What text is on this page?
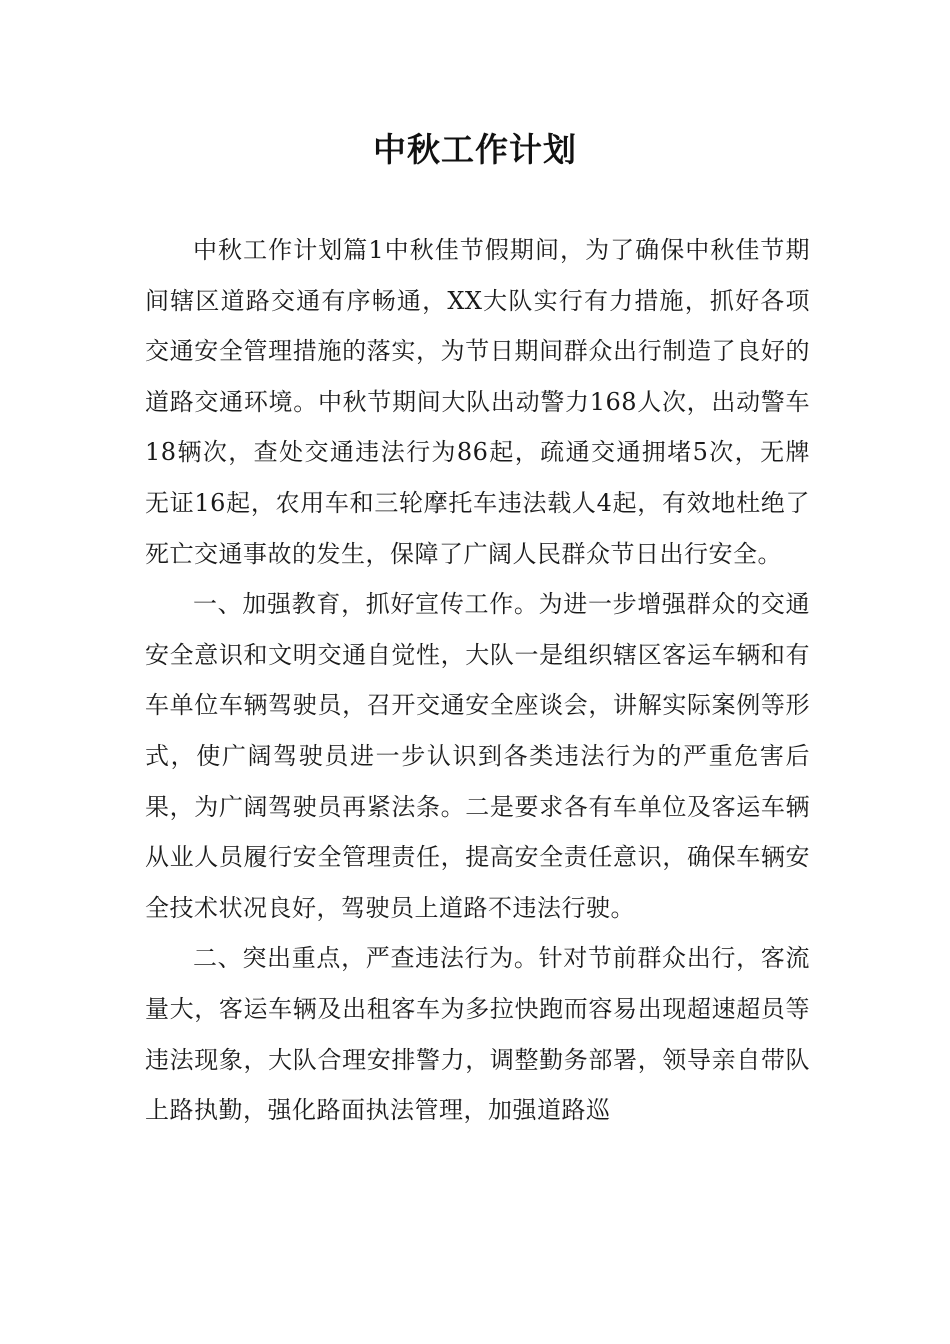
中秋工作计划

中秋工作计划篇1中秋佳节假期间，为了确保中秋佳节期间辖区道路交通有序畅通，XX大队实行有力措施，抓好各项交通安全管理措施的落实，为节日期间群众出行制造了良好的道路交通环境。中秋节期间大队出动警力168人次，出动警车18辆次，查处交通违法行为86起，疏通交通拥堵5次，无牌无证16起，农用车和三轮摩托车违法载人4起，有效地杜绝了死亡交通事故的发生，保障了广阔人民群众节日出行安全。

一、加强教育，抓好宣传工作。为进一步增强群众的交通安全意识和文明交通自觉性，大队一是组织辖区客运车辆和有车单位车辆驾驶员，召开交通安全座谈会，讲解实际案例等形式，使广阔驾驶员进一步认识到各类违法行为的严重危害后果，为广阔驾驶员再紧法条。二是要求各有车单位及客运车辆从业人员履行安全管理责任，提高安全责任意识，确保车辆安全技术状况良好，驾驶员上道路不违法行驶。

二、突出重点，严查违法行为。针对节前群众出行，客流量大，客运车辆及出租客车为多拉快跑而容易出现超速超员等违法现象，大队合理安排警力，调整勤务部署，领导亲自带队上路执勤，强化路面执法管理，加强道路巡
